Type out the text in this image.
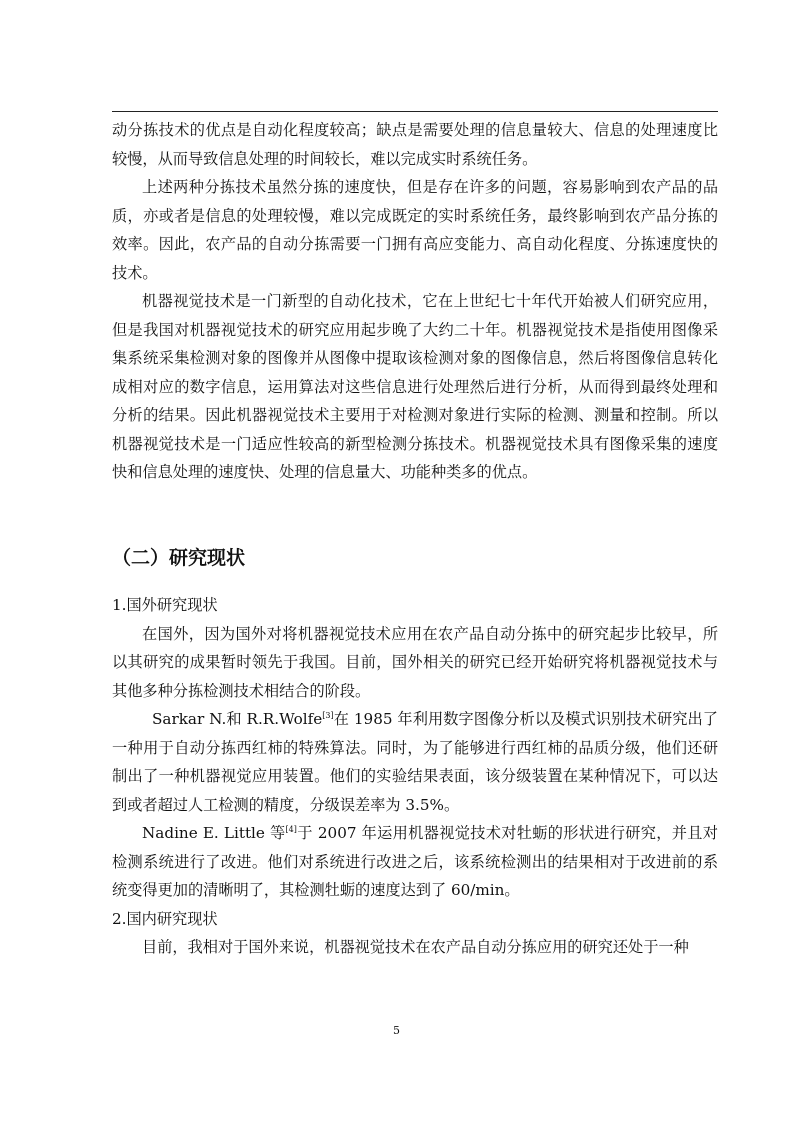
动分拣技术的优点是自动化程度较高；缺点是需要处理的信息量较大、信息的处理速度比较慢，从而导致信息处理的时间较长，难以完成实时系统任务。

上述两种分拣技术虽然分拣的速度快，但是存在许多的问题，容易影响到农产品的品质，亦或者是信息的处理较慢，难以完成既定的实时系统任务，最终影响到农产品分拣的效率。因此，农产品的自动分拣需要一门拥有高应变能力、高自动化程度、分拣速度快的技术。

机器视觉技术是一门新型的自动化技术，它在上世纪七十年代开始被人们研究应用，但是我国对机器视觉技术的研究应用起步晚了大约二十年。机器视觉技术是指使用图像采集系统采集检测对象的图像并从图像中提取该检测对象的图像信息，然后将图像信息转化成相对应的数字信息，运用算法对这些信息进行处理然后进行分析，从而得到最终处理和分析的结果。因此机器视觉技术主要用于对检测对象进行实际的检测、测量和控制。所以机器视觉技术是一门适应性较高的新型检测分拣技术。机器视觉技术具有图像采集的速度快和信息处理的速度快、处理的信息量大、功能种类多的优点。

（二）研究现状

1.国外研究现状

在国外，因为国外对将机器视觉技术应用在农产品自动分拣中的研究起步比较早，所以其研究的成果暂时领先于我国。目前，国外相关的研究已经开始研究将机器视觉技术与其他多种分拣检测技术相结合的阶段。

Sarkar N.和 R.R.Wolfe[3]在 1985 年利用数字图像分析以及模式识别技术研究出了一种用于自动分拣西红柿的特殊算法。同时，为了能够进行西红柿的品质分级，他们还研制出了一种机器视觉应用装置。他们的实验结果表面，该分级装置在某种情况下，可以达到或者超过人工检测的精度，分级误差率为 3.5%。

Nadine E. Little 等[4]于 2007 年运用机器视觉技术对牡蛎的形状进行研究，并且对检测系统进行了改进。他们对系统进行改进之后，该系统检测出的结果相对于改进前的系统变得更加的清晰明了，其检测牡蛎的速度达到了 60/min。

2.国内研究现状

目前，我相对于国外来说，机器视觉技术在农产品自动分拣应用的研究还处于一种

5
